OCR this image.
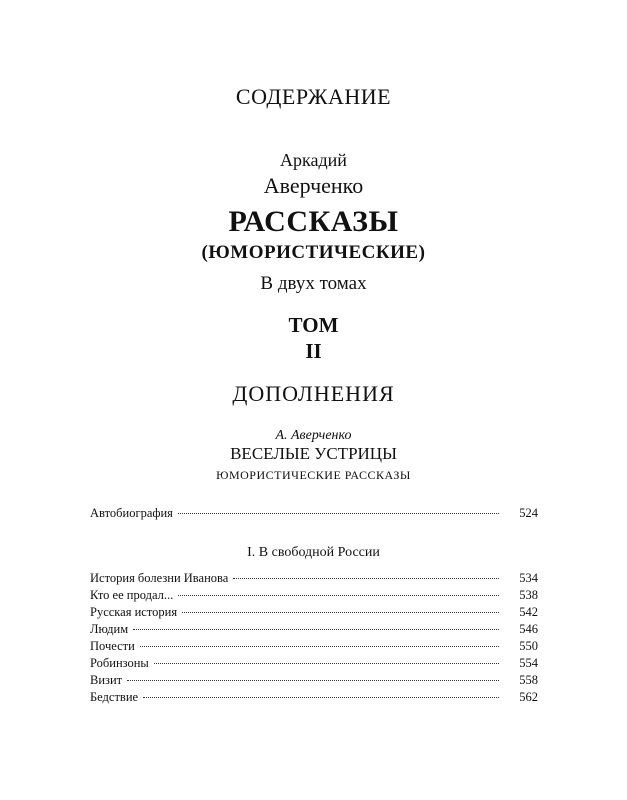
СОДЕРЖАНИЕ
Аркадий
Аверченко
РАССКАЗЫ
(ЮМОРИСТИЧЕСКИЕ)
В двух томах
ТОМ
II
ДОПОЛНЕНИЯ
А. Аверченко
ВЕСЕЛЫЕ УСТРИЦЫ
ЮМОРИСТИЧЕСКИЕ РАССКАЗЫ
Автобиография	524
I. В свободной России
История болезни Иванова	534
Кто ее продал...	538
Русская история	542
Людим	546
Почести	550
Робинзоны	554
Визит	558
Бедствие	562
